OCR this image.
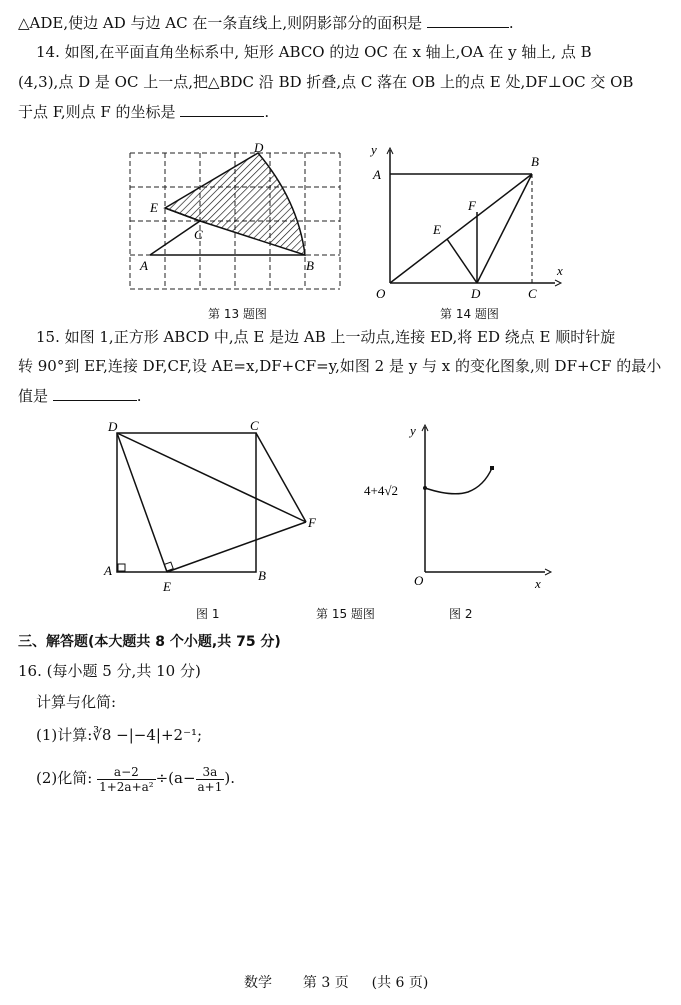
△ADE,使边 AD 与边 AC 在一条直线上,则阴影部分的面积是	.
14. 如图,在平面直角坐标系中, 矩形 ABCO 的边 OC 在 x 轴上,OA 在 y 轴上, 点 B
(4,3),点 D 是 OC 上一点,把△BDC 沿 BD 折叠,点 C 落在 OB 上的点 E 处,DF⊥OC 交 OB
于点 F,则点 F 的坐标是	.
A	B
C
D
E
第 13 题图
y
x
A
B
C
D
E
F
O
第 14 题图
15. 如图 1,正方形 ABCD 中,点 E 是边 AB 上一动点,连接 ED,将 ED 绕点 E 顺时针旋
转 90°到 EF,连接 DF,CF,设 AE=x,DF+CF=y,如图 2 是 y 与 x 的变化图象,则 DF+CF 的最小
值是	.
D	C
A	B
E
F
y
x
O
4+4√2
图 1	第 15 题图	图 2
三、解答题(本大题共 8 个小题,共 75 分)
16. (每小题 5 分,共 10 分)
计算与化简:
(1)计算:∛8 −|−4|+2⁻¹;
(2)化简: $\frac{a-2}{\text{1+2a+a²}} \div(a- \frac{3a}{a+1}$ ).
数学 第 3 页 (共 6 页)
